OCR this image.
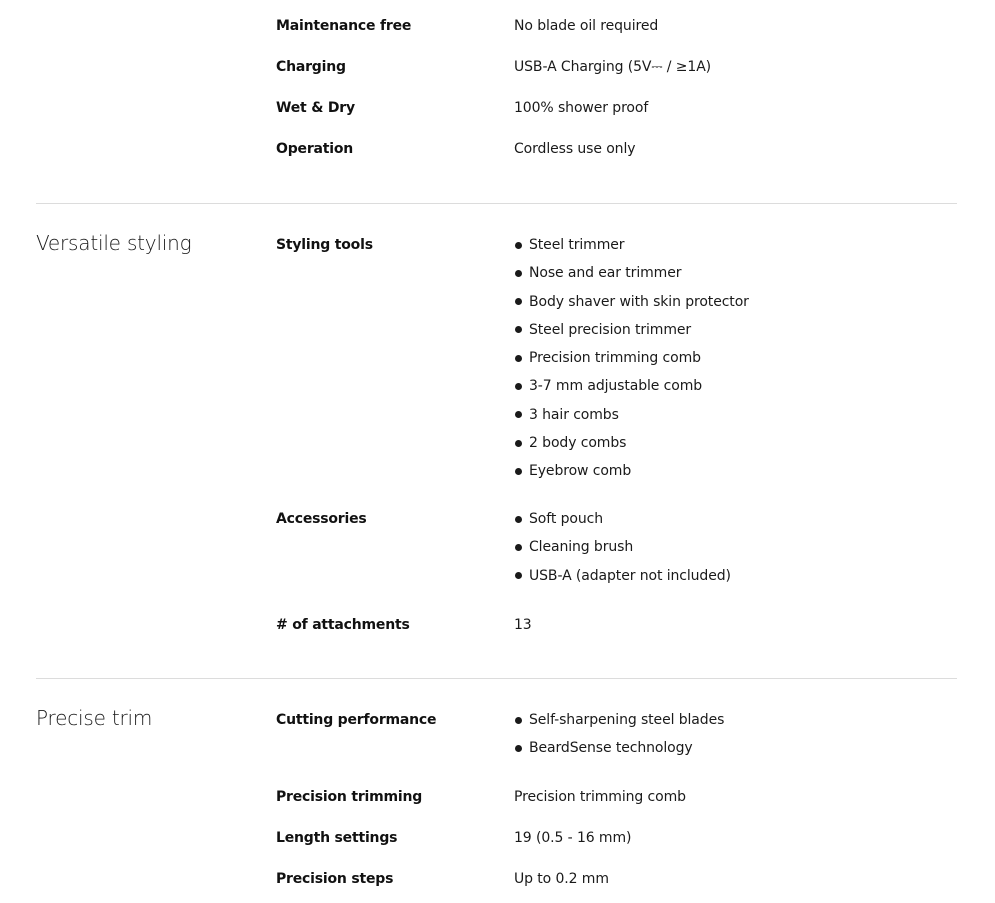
Maintenance free	No blade oil required
Charging	USB-A Charging (5V⎓ / ≥1A)
Wet & Dry	100% shower proof
Operation	Cordless use only
Versatile styling	Styling tools	Steel trimmer
Nose and ear trimmer
Body shaver with skin protector
Steel precision trimmer
Precision trimming comb
3-7 mm adjustable comb
3 hair combs
2 body combs
Eyebrow comb
Accessories	Soft pouch
Cleaning brush
USB-A (adapter not included)
# of attachments	13
Precise trim	Cutting performance	Self-sharpening steel blades
BeardSense technology
Precision trimming	Precision trimming comb
Length settings	19 (0.5 - 16 mm)
Precision steps	Up to 0.2 mm
